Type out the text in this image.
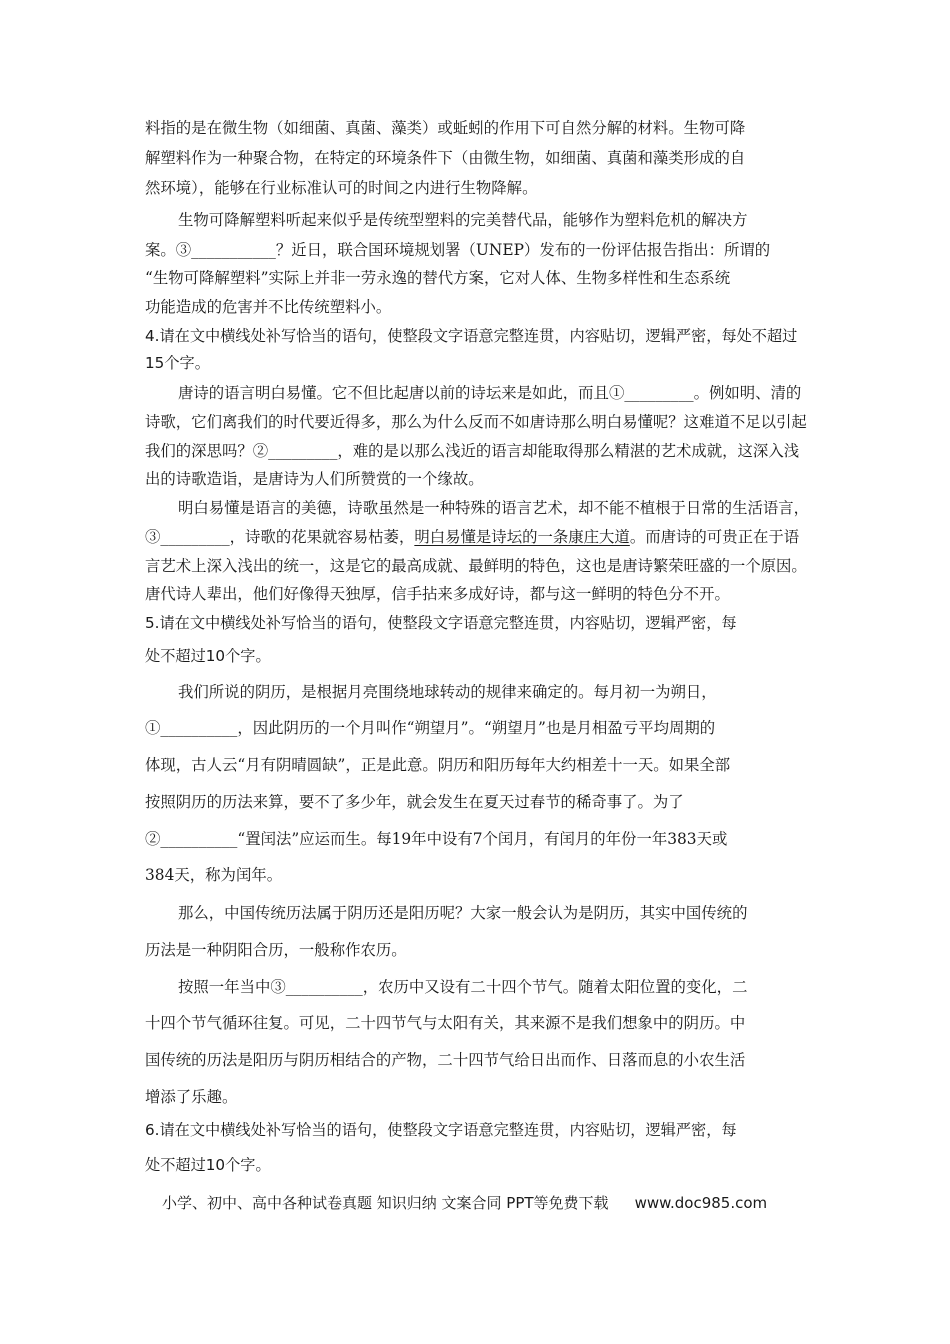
料指的是在微生物（如细菌、真菌、藻类）或蚯蚓的作用下可自然分解的材料。生物可降
解塑料作为一种聚合物，在特定的环境条件下（由微生物，如细菌、真菌和藻类形成的自
然环境），能够在行业标准认可的时间之内进行生物降解。
生物可降解塑料听起来似乎是传统型塑料的完美替代品，能够作为塑料危机的解决方
案。③___________？近日，联合国环境规划署（UNEP）发布的一份评估报告指出：所谓的
“生物可降解塑料”实际上并非一劳永逸的替代方案，它对人体、生物多样性和生态系统
功能造成的危害并不比传统塑料小。
4.请在文中横线处补写恰当的语句，使整段文字语意完整连贯，内容贴切，逻辑严密，每处不超过
15个字。
唐诗的语言明白易懂。它不但比起唐以前的诗坛来是如此，而且①_________。例如明、清的
诗歌，它们离我们的时代要近得多，那么为什么反而不如唐诗那么明白易懂呢？这难道不足以引起
我们的深思吗？②_________，难的是以那么浅近的语言却能取得那么精湛的艺术成就，这深入浅
出的诗歌造诣，是唐诗为人们所赞赏的一个缘故。
明白易懂是语言的美德，诗歌虽然是一种特殊的语言艺术，却不能不植根于日常的生活语言，
③_________，诗歌的花果就容易枯萎，明白易懂是诗坛的一条康庄大道。而唐诗的可贵正在于语
言艺术上深入浅出的统一，这是它的最高成就、最鲜明的特色，这也是唐诗繁荣旺盛的一个原因。
唐代诗人辈出，他们好像得天独厚，信手拈来多成好诗，都与这一鲜明的特色分不开。
5.请在文中横线处补写恰当的语句，使整段文字语意完整连贯，内容贴切，逻辑严密，每
处不超过10个字。
我们所说的阴历，是根据月亮围绕地球转动的规律来确定的。每月初一为朔日，
①__________，因此阴历的一个月叫作“朔望月”。“朔望月”也是月相盈亏平均周期的
体现，古人云“月有阴晴圆缺”，正是此意。阴历和阳历每年大约相差十一天。如果全部
按照阴历的历法来算，要不了多少年，就会发生在夏天过春节的稀奇事了。为了
②__________“置闰法”应运而生。每19年中设有7个闰月，有闰月的年份一年383天或
384天，称为闰年。
那么，中国传统历法属于阴历还是阳历呢？大家一般会认为是阴历，其实中国传统的
历法是一种阴阳合历，一般称作农历。
按照一年当中③__________，农历中又设有二十四个节气。随着太阳位置的变化，二
十四个节气循环往复。可见，二十四节气与太阳有关，其来源不是我们想象中的阴历。中
国传统的历法是阳历与阴历相结合的产物，二十四节气给日出而作、日落而息的小农生活
增添了乐趣。
6.请在文中横线处补写恰当的语句，使整段文字语意完整连贯，内容贴切，逻辑严密，每
处不超过10个字。
小学、初中、高中各种试卷真题 知识归纳 文案合同 PPT等免费下载 www.doc985.com
